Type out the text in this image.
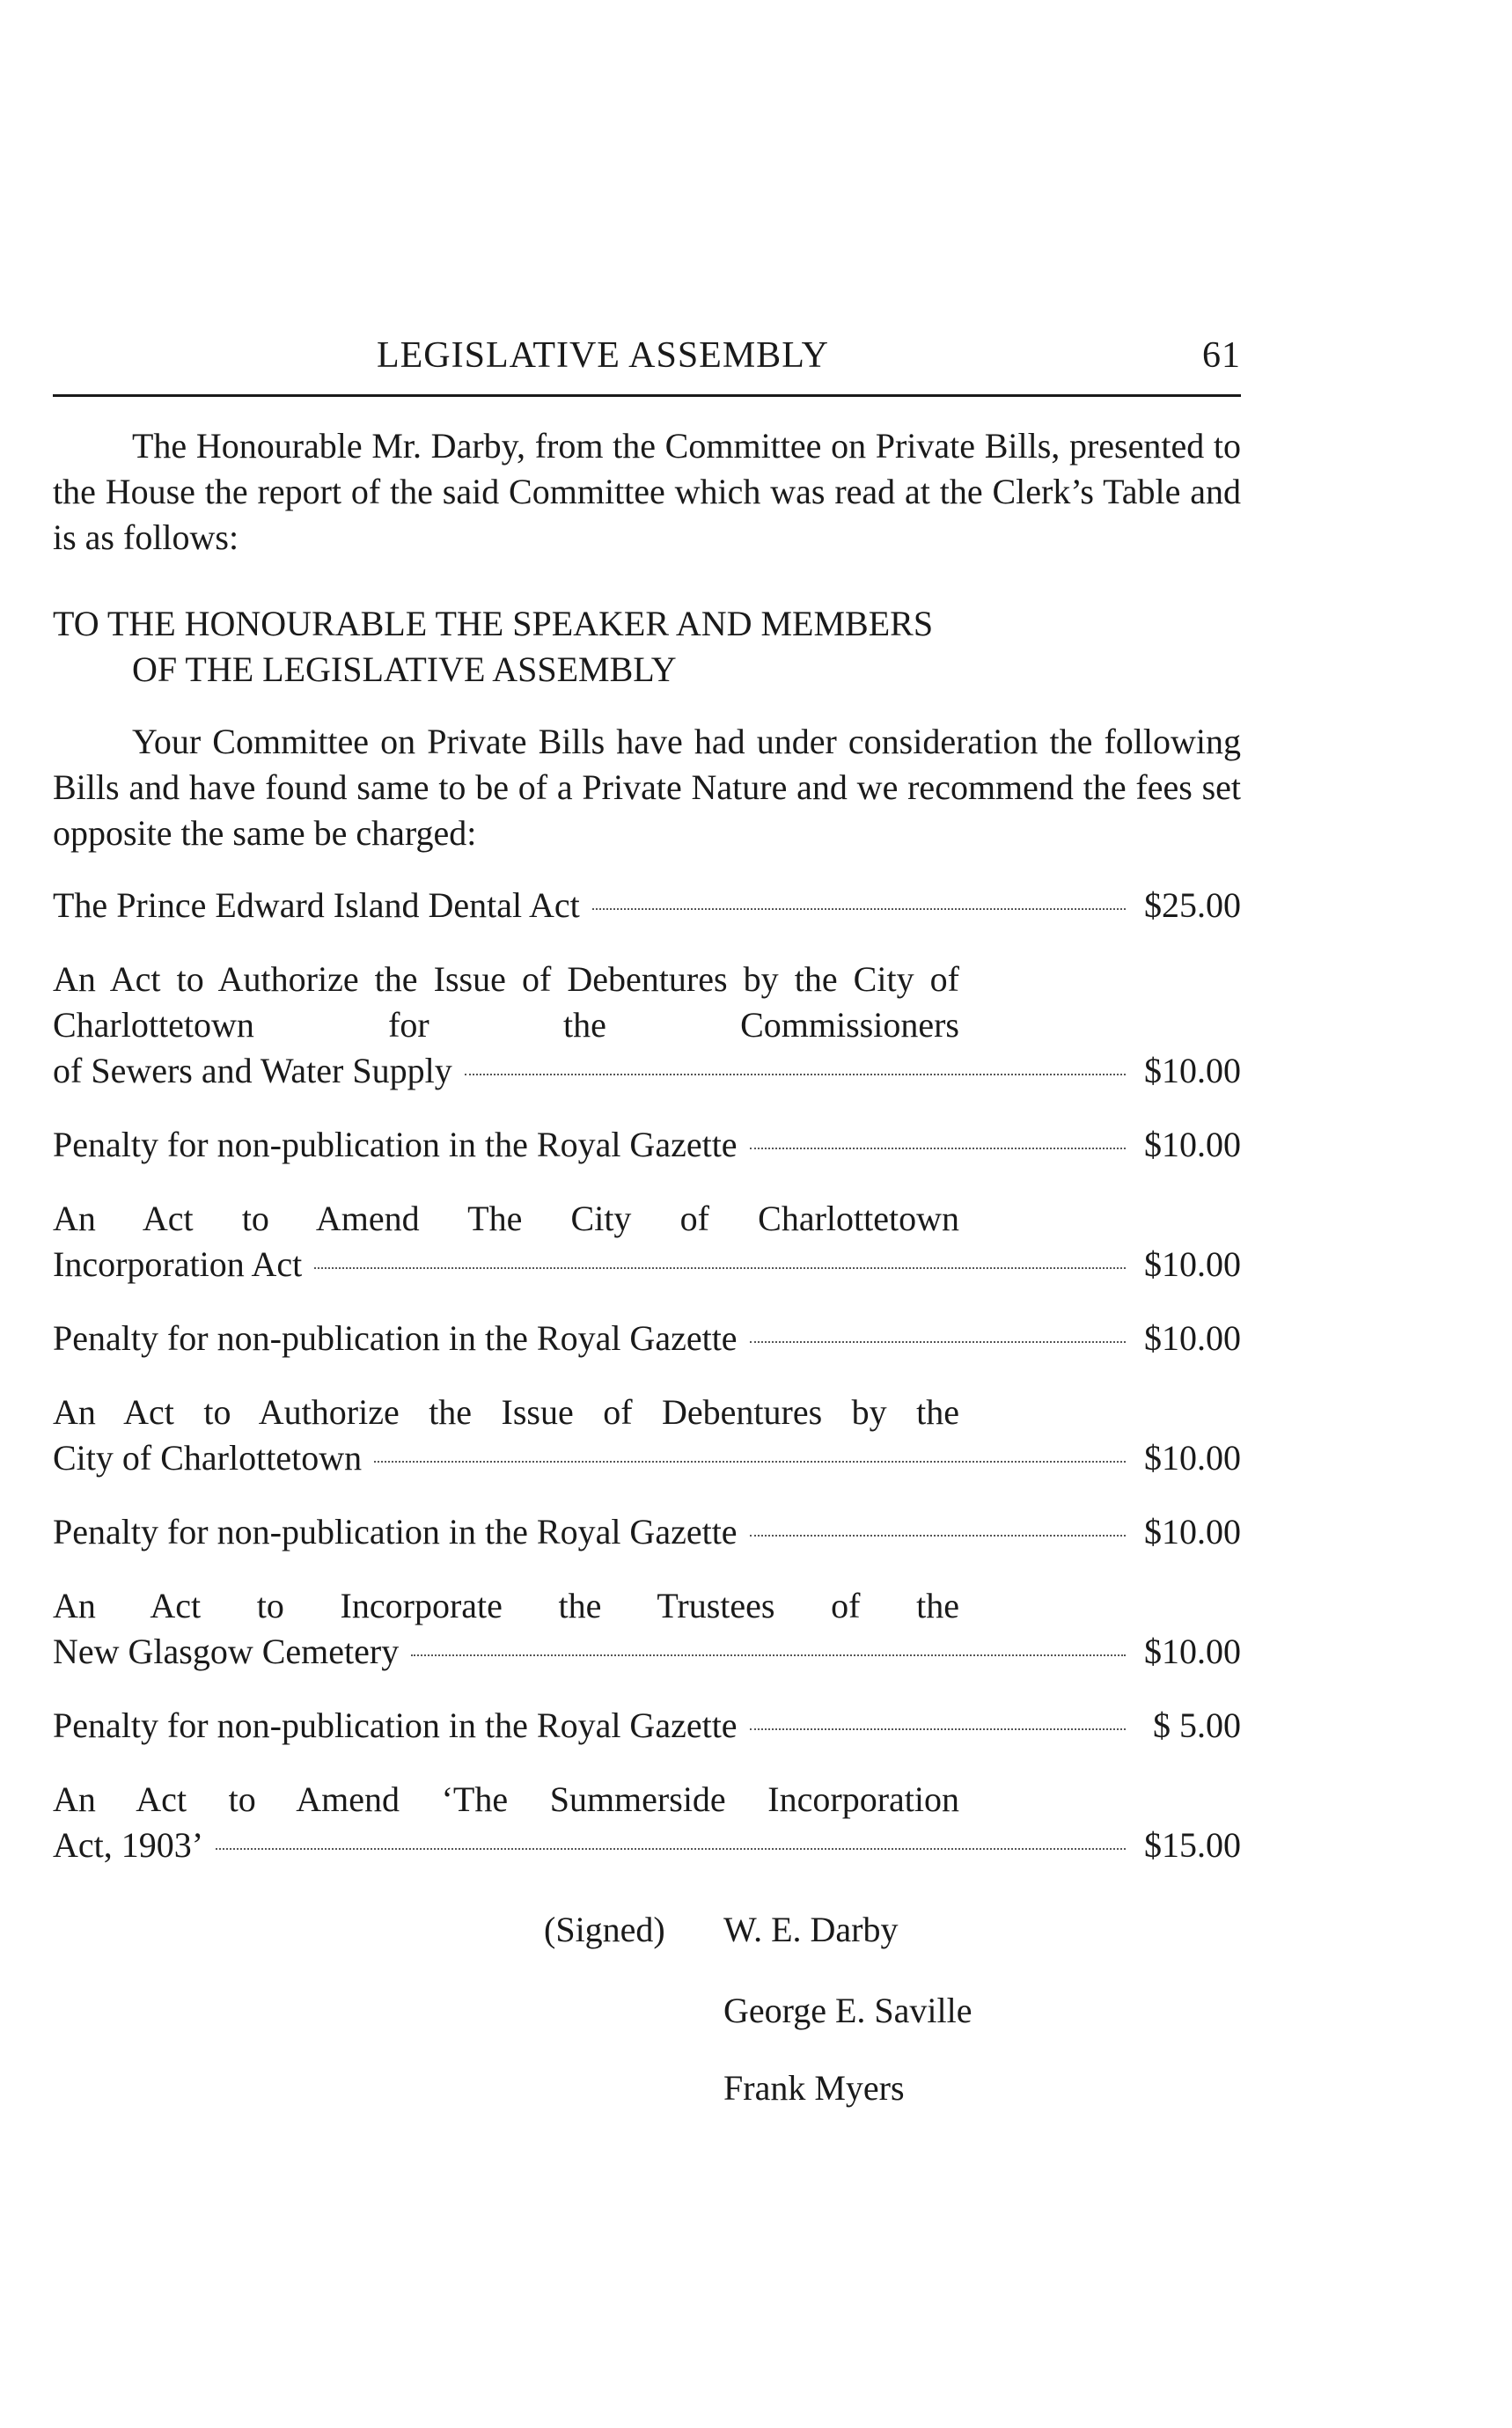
LEGISLATIVE ASSEMBLY	61

The Honourable Mr. Darby, from the Committee on Private Bills, presented to the House the report of the said Committee which was read at the Clerk’s Table and is as follows:

TO THE HONOURABLE THE SPEAKER AND MEMBERS
OF THE LEGISLATIVE ASSEMBLY

Your Committee on Private Bills have had under consideration the following Bills and have found same to be of a Private Nature and we recommend the fees set opposite the same be charged:

The Prince Edward Island Dental Act	$25.00
An Act to Authorize the Issue of Debentures by the City of Charlottetown for the Commissioners
of Sewers and Water Supply	$10.00
Penalty for non-publication in the Royal Gazette	$10.00
An Act to Amend The City of Charlottetown
Incorporation Act	$10.00
Penalty for non-publication in the Royal Gazette	$10.00
An Act to Authorize the Issue of Debentures by the
City of Charlottetown	$10.00
Penalty for non-publication in the Royal Gazette	$10.00
An Act to Incorporate the Trustees of the
New Glasgow Cemetery	$10.00
Penalty for non-publication in the Royal Gazette	$ 5.00
An Act to Amend ‘The Summerside Incorporation
Act, 1903’	$15.00
(Signed) W. E. Darby
George E. Saville
Frank Myers
